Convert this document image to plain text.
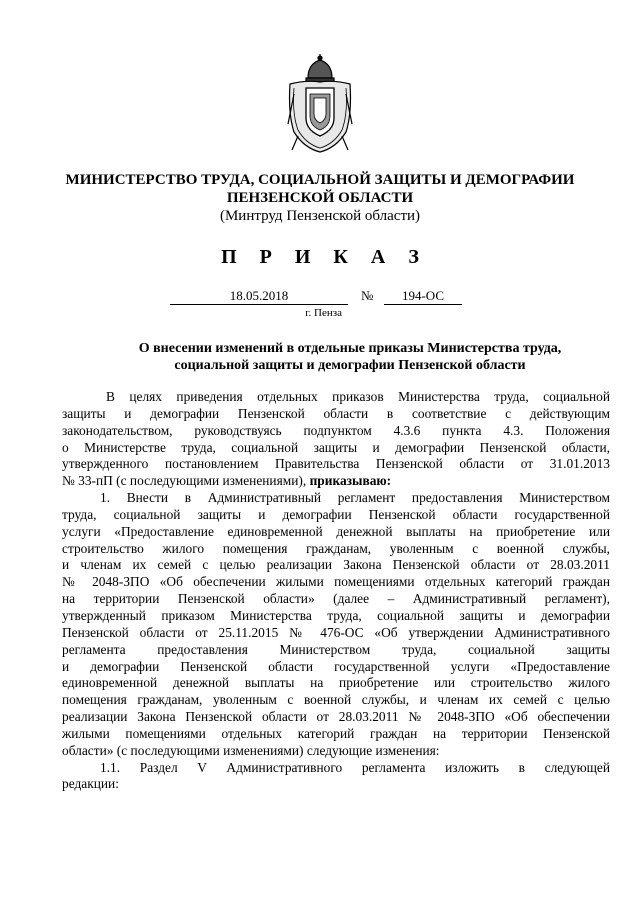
МИНИСТЕРСТВО ТРУДА, СОЦИАЛЬНОЙ ЗАЩИТЫ И ДЕМОГРАФИИ
ПЕНЗЕНСКОЙ ОБЛАСТИ
(Минтруд Пензенской области)
П Р И К А З
18.05.2018	№	194-ОС
г. Пенза
О внесении изменений в отдельные приказы Министерства труда,
социальной защиты и демографии Пензенской области
В целях приведения отдельных приказов Министерства труда, социальной
защиты и демографии Пензенской области в соответствие с действующим
законодательством, руководствуясь подпунктом 4.3.6 пункта 4.3. Положения
о Министерстве труда, социальной защиты и демографии Пензенской области,
утвержденного постановлением Правительства Пензенской области от 31.01.2013
№ 33-пП (с последующими изменениями), приказываю:
1. Внести в Административный регламент предоставления Министерством
труда, социальной защиты и демографии Пензенской области государственной
услуги «Предоставление единовременной денежной выплаты на приобретение или
строительство жилого помещения гражданам, уволенным с военной службы,
и членам их семей с целью реализации Закона Пензенской области от 28.03.2011
№ 2048-ЗПО «Об обеспечении жилыми помещениями отдельных категорий граждан
на территории Пензенской области» (далее – Административный регламент),
утвержденный приказом Министерства труда, социальной защиты и демографии
Пензенской области от 25.11.2015 № 476-ОС «Об утверждении Административного
регламента предоставления Министерством труда, социальной защиты
и демографии Пензенской области государственной услуги «Предоставление
единовременной денежной выплаты на приобретение или строительство жилого
помещения гражданам, уволенным с военной службы, и членам их семей с целью
реализации Закона Пензенской области от 28.03.2011 № 2048-ЗПО «Об обеспечении
жилыми помещениями отдельных категорий граждан на территории Пензенской
области» (с последующими изменениями) следующие изменения:
1.1. Раздел V Административного регламента изложить в следующей
редакции:
